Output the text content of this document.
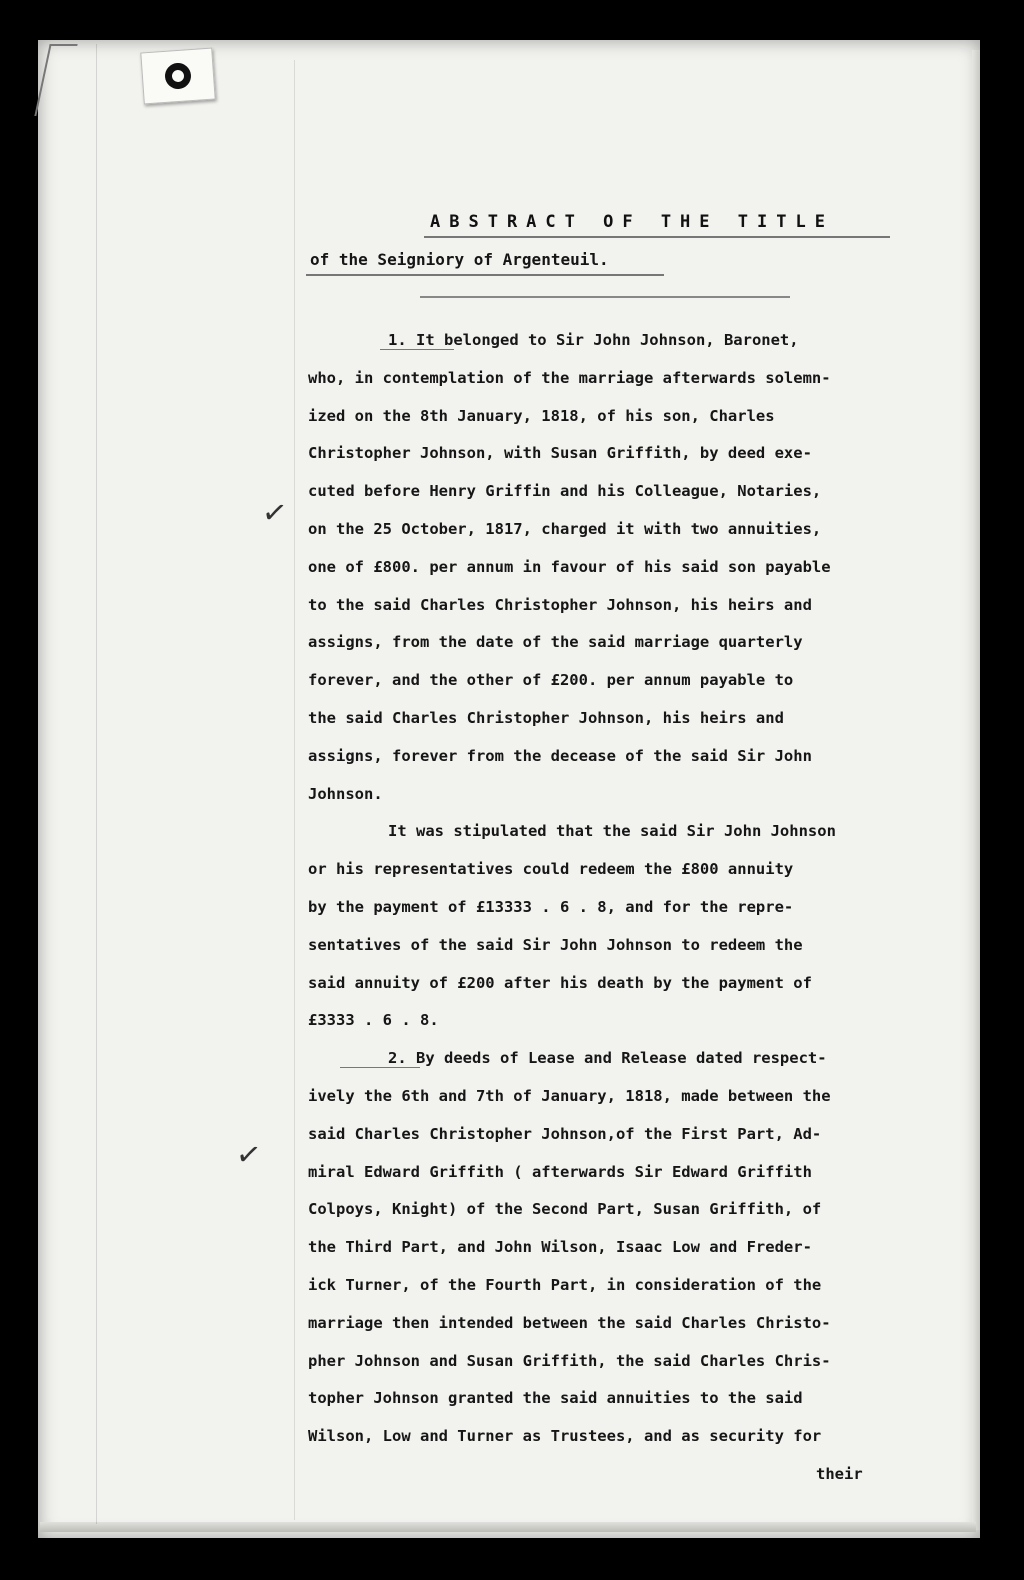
ABSTRACT OF THE TITLE
of the Seigniory of Argenteuil.
✓
✓
1. It belonged to Sir John Johnson, Baronet,
who, in contemplation of the marriage afterwards solemn-
ized on the 8th January, 1818, of his son, Charles
Christopher Johnson, with Susan Griffith, by deed exe-
cuted before Henry Griffin and his Colleague, Notaries,
on the 25 October, 1817, charged it with two annuities,
one of £800. per annum in favour of his said son payable
to the said Charles Christopher Johnson, his heirs and
assigns, from the date of the said marriage quarterly
forever, and the other of £200. per annum payable to
the said Charles Christopher Johnson, his heirs and
assigns, forever from the decease of the said Sir John
Johnson.
It was stipulated that the said Sir John Johnson
or his representatives could redeem the £800 annuity
by the payment of £13333 . 6 . 8, and for the repre-
sentatives of the said Sir John Johnson to redeem the
said annuity of £200 after his death by the payment of
£3333 . 6 . 8.
2. By deeds of Lease and Release dated respect-
ively the 6th and 7th of January, 1818, made between the
said Charles Christopher Johnson,of the First Part, Ad-
miral Edward Griffith ( afterwards Sir Edward Griffith
Colpoys, Knight) of the Second Part, Susan Griffith, of
the Third Part, and John Wilson, Isaac Low and Freder-
ick Turner, of the Fourth Part, in consideration of the
marriage then intended between the said Charles Christo-
pher Johnson and Susan Griffith, the said Charles Chris-
topher Johnson granted the said annuities to the said
Wilson, Low and Turner as Trustees, and as security for
their
